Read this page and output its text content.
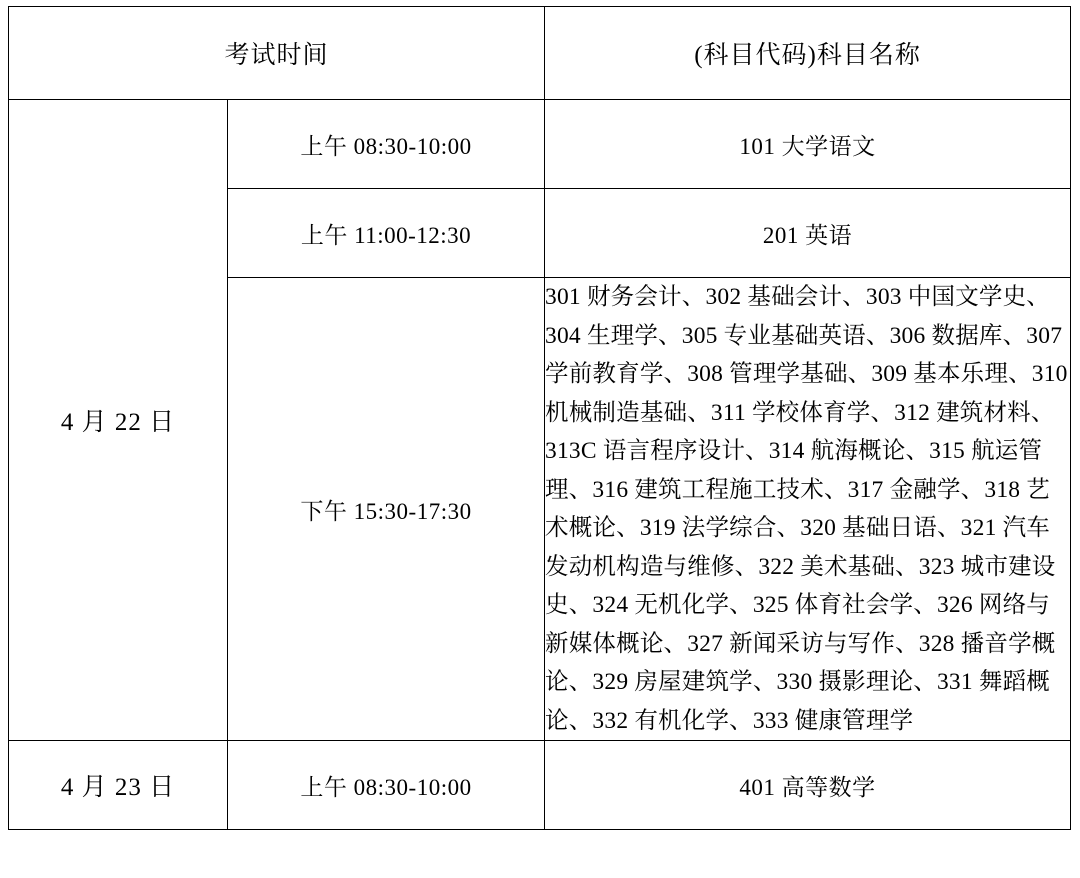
考试时间		(科目代码)科目名称
4 月 22 日	上午 08:30-10:00	101 大学语文
	上午 11:00-12:30	201 英语
	下午 15:30-17:30	301 财务会计、302 基础会计、303 中国文学史、304 生理学、305 专业基础英语、306 数据库、307 学前教育学、308 管理学基础、309 基本乐理、310 机械制造基础、311 学校体育学、312 建筑材料、313C 语言程序设计、314 航海概论、315 航运管理、316 建筑工程施工技术、317 金融学、318 艺术概论、319 法学综合、320 基础日语、321 汽车发动机构造与维修、322 美术基础、323 城市建设史、324 无机化学、325 体育社会学、326 网络与新媒体概论、327 新闻采访与写作、328 播音学概论、329 房屋建筑学、330 摄影理论、331 舞蹈概论、332 有机化学、333 健康管理学
4 月 23 日	上午 08:30-10:00	401 高等数学
